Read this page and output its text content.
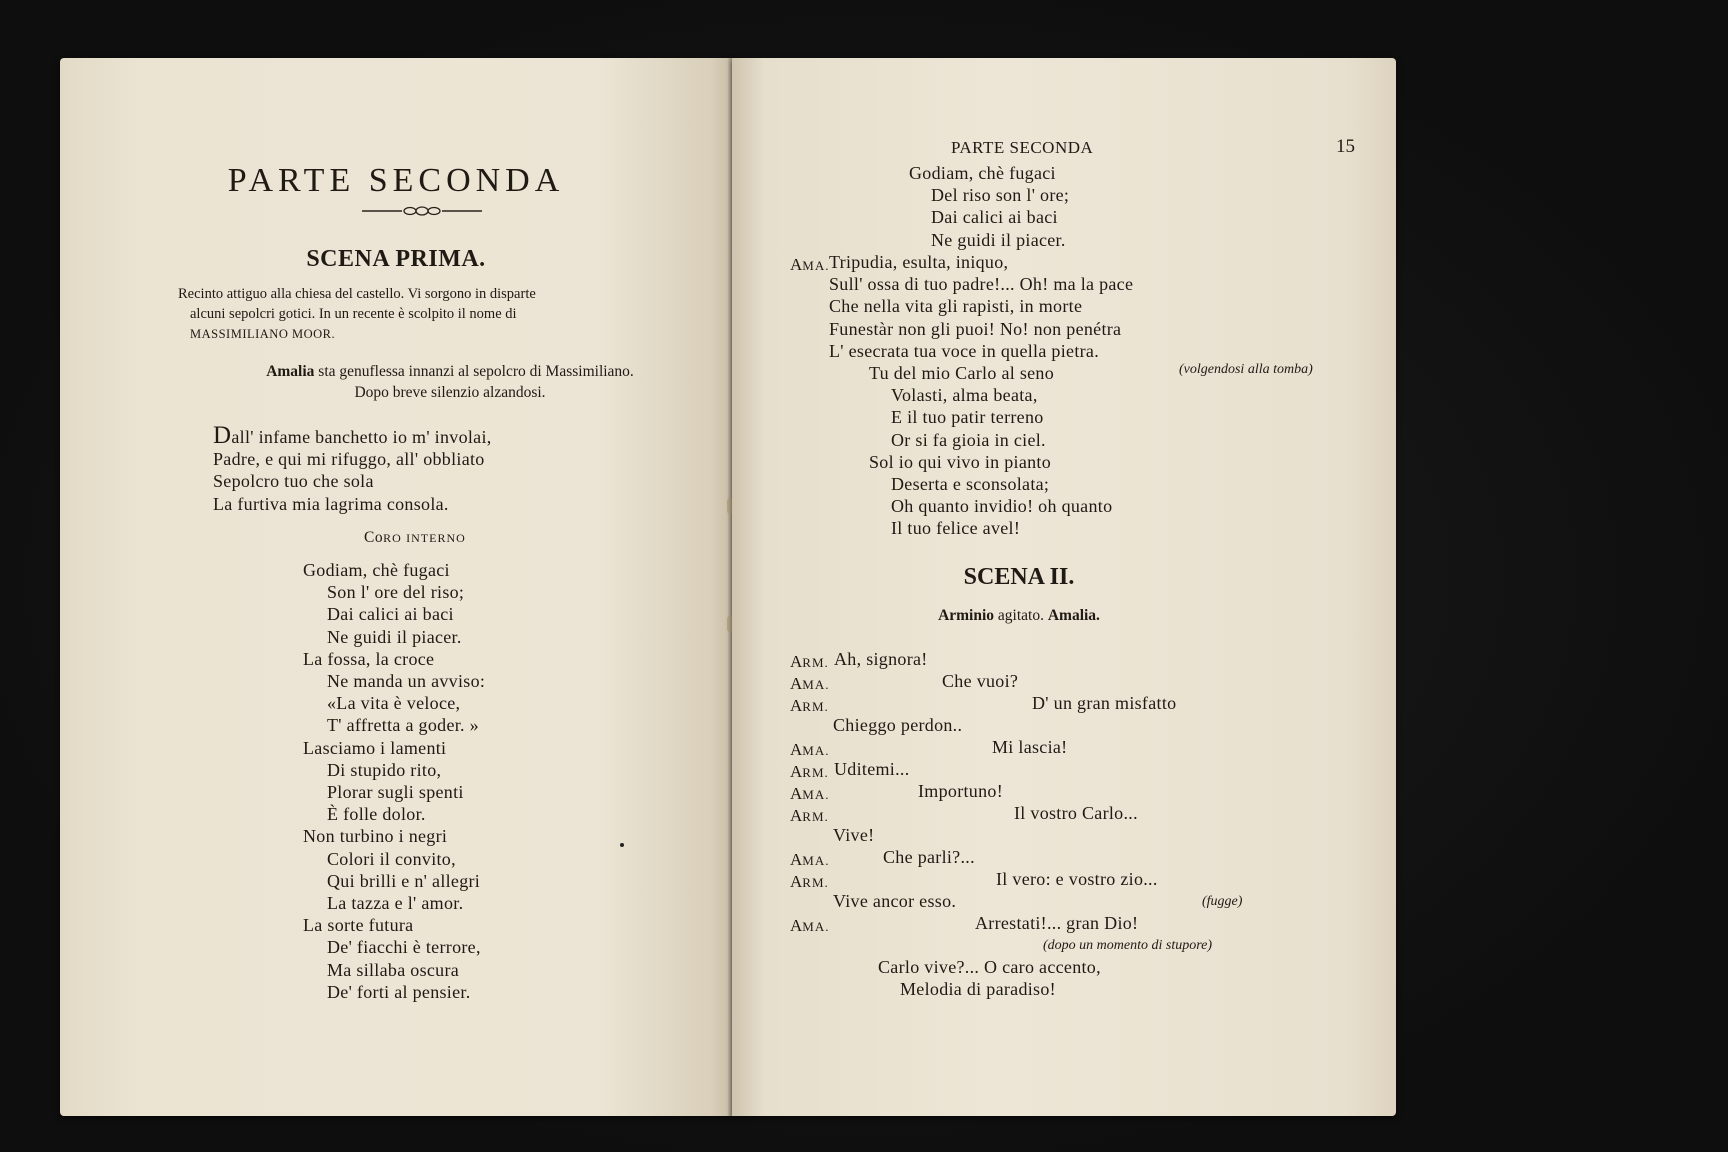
PARTE SECONDA
SCENA PRIMA.
Recinto attiguo alla chiesa del castello. Vi sorgono in disparte
alcuni sepolcri gotici. In un recente è scolpito il nome di
MASSIMILIANO MOOR.
Amalia sta genuflessa innanzi al sepolcro di Massimiliano.
Dopo breve silenzio alzandosi.
Dall' infame banchetto io m' involai,
Padre, e qui mi rifuggo, all' obbliato
Sepolcro tuo che sola
La furtiva mia lagrima consola.
CoRO INTERNO
Godiam, chè fugaci
Son l' ore del riso;
Dai calici ai baci
Ne guidi il piacer.
La fossa, la croce
Ne manda un avviso:
«La vita è veloce,
T' affretta a goder. »
Lasciamo i lamenti
Di stupido rito,
Plorar sugli spenti
È folle dolor.
Non turbino i negri
Colori il convito,
Qui brilli e n' allegri
La tazza e l' amor.
La sorte futura
De' fiacchi è terrore,
Ma sillaba oscura
De' forti al pensier.
PARTE SECONDA	15
Godiam, chè fugaci
Del riso son l' ore;
Dai calici ai baci
Ne guidi il piacer.
AMA. Tripudia, esulta, iniquo,
Sull' ossa di tuo padre!... Oh! ma la pace
Che nella vita gli rapisti, in morte
Funestàr non gli puoi! No! non penétra
L' esecrata tua voce in quella pietra.
Tu del mio Carlo al seno
Volasti, alma beata,
E il tuo patir terreno
Or si fa gioia in ciel.
Sol io qui vivo in pianto
Deserta e sconsolata;
Oh quanto invidio! oh quanto
Il tuo felice avel!
(volgendosi alla tomba)
SCENA II.
Arminio agitato. Amalia.
ARM. Ah, signora!
AMA.	Che vuoi?
ARM.	D' un gran misfatto
Chieggo perdon..
AMA.	Mi lascia!
ARM. Uditemi...
AMA.	Importuno!
ARM.	Il vostro Carlo...
Vive!
AMA.	Che parli?...
ARM.	Il vero: e vostro zio...
Vive ancor esso.	(fugge)
AMA.	Arrestati!... gran Dio!
(dopo un momento di stupore)
Carlo vive?... O caro accento,
Melodia di paradiso!
